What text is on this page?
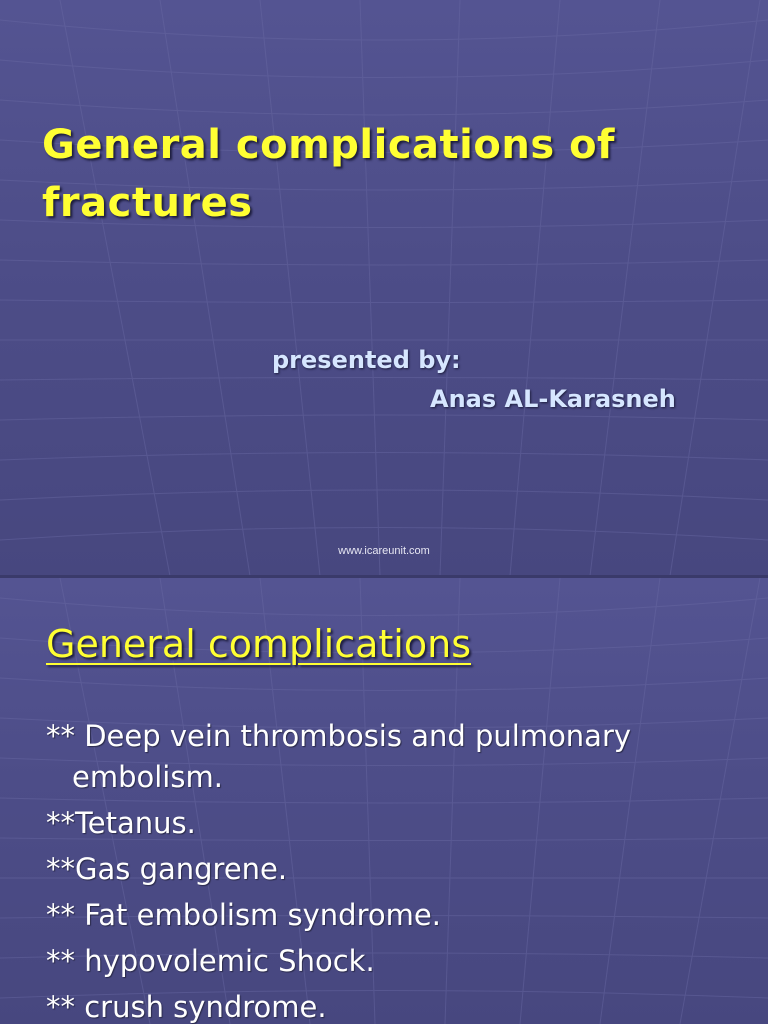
General complications of fractures

presented by:

Anas AL-Karasneh

www.icareunit.com

General complications
** Deep vein thrombosis and pulmonary embolism.
**Tetanus.
**Gas gangrene.
** Fat embolism syndrome.
** hypovolemic Shock.
** crush syndrome.
